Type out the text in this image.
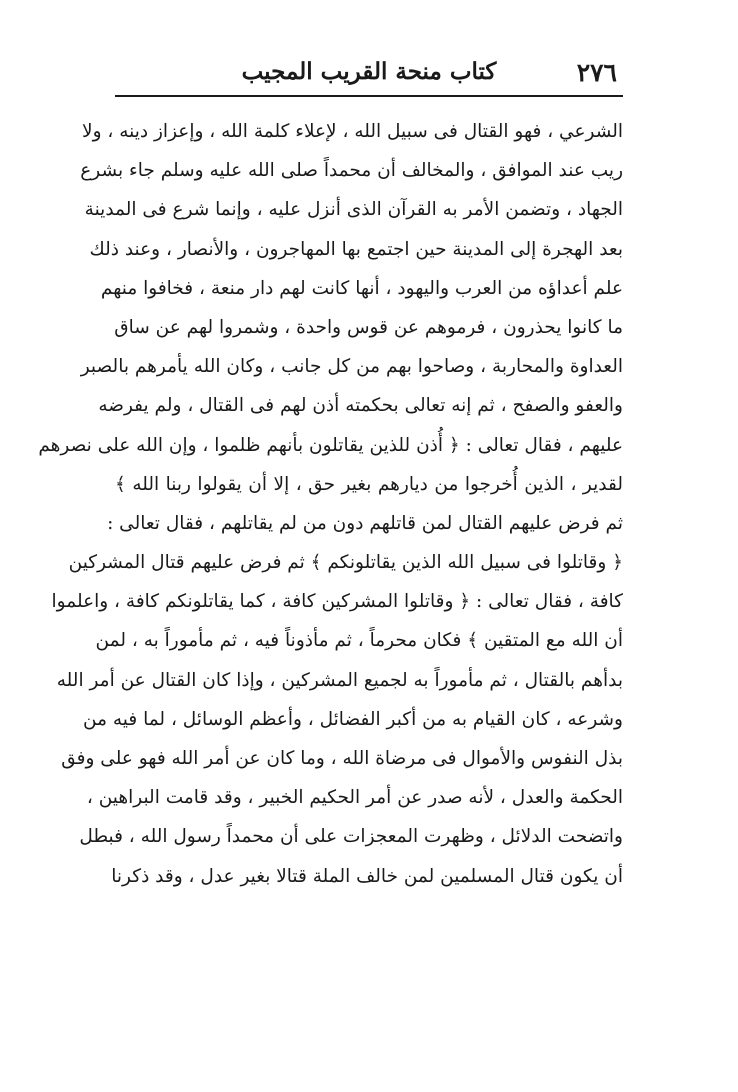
٢٧٦
كتاب منحة القريب المجيب
الشرعي ، فهو القتال فى سبيل الله ، لإعلاء كلمة الله ، وإعزاز دينه ، ولا
ريب عند الموافق ، والمخالف أن محمداً صلى الله عليه وسلم جاء بشرع
الجهاد ، وتضمن الأمر به القرآن الذى أنزل عليه ، وإنما شرع فى المدينة
بعد الهجرة إلى المدينة حين اجتمع بها المهاجرون ، والأنصار ، وعند ذلك
علم أعداؤه من العرب واليهود ، أنها كانت لهم دار منعة ، فخافوا منهم
ما كانوا يحذرون ، فرموهم عن قوس واحدة ، وشمروا لهم عن ساق
العداوة والمحاربة ، وصاحوا بهم من كل جانب ، وكان الله يأمرهم بالصبر
والعفو والصفح ، ثم إنه تعالى بحكمته أذن لهم فى القتال ، ولم يفرضه
عليهم ، فقال تعالى : ﴿ أُذن للذين يقاتلون بأنهم ظلموا ، وإن الله على نصرهم
لقدير ، الذين أُخرجوا من ديارهم بغير حق ، إلا أن يقولوا ربنا الله ﴾
ثم فرض عليهم القتال لمن قاتلهم دون من لم يقاتلهم ، فقال تعالى :
﴿ وقاتلوا فى سبيل الله الذين يقاتلونكم ﴾ ثم فرض عليهم قتال المشركين
كافة ، فقال تعالى : ﴿ وقاتلوا المشركين كافة ، كما يقاتلونكم كافة ، واعلموا
أن الله مع المتقين ﴾ فكان محرماً ، ثم مأذوناً فيه ، ثم مأموراً به ، لمن
بدأهم بالقتال ، ثم مأموراً به لجميع المشركين ، وإذا كان القتال عن أمر الله
وشرعه ، كان القيام به من أكبر الفضائل ، وأعظم الوسائل ، لما فيه من
بذل النفوس والأموال فى مرضاة الله ، وما كان عن أمر الله فهو على وفق
الحكمة والعدل ، لأنه صدر عن أمر الحكيم الخبير ، وقد قامت البراهين ،
واتضحت الدلائل ، وظهرت المعجزات على أن محمداً رسول الله ، فبطل
أن يكون قتال المسلمين لمن خالف الملة قتالا بغير عدل ، وقد ذكرنا
